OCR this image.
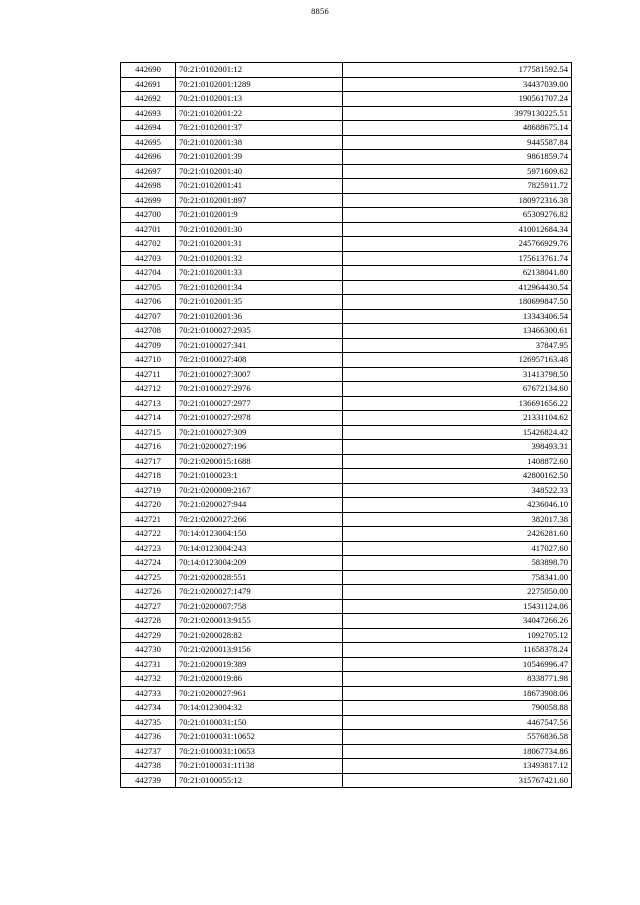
8856
442690	70:21:0102001:12	177581592.54
442691	70:21:0102001:1289	34437039.00
442692	70:21:0102001:13	190561707.24
442693	70:21:0102001:22	3979130225.51
442694	70:21:0102001:37	48688675.14
442695	70:21:0102001:38	9445587.84
442696	70:21:0102001:39	9861859.74
442697	70:21:0102001:40	5971609.62
442698	70:21:0102001:41	7825911.72
442699	70:21:0102001:897	180972316.38
442700	70:21:0102001:9	65309276.82
442701	70:21:0102001:30	410012684.34
442702	70:21:0102001:31	245766929.76
442703	70:21:0102001:32	175613761.74
442704	70:21:0102001:33	62138041.80
442705	70:21:0102001:34	412964430.54
442706	70:21:0102001:35	180699847.50
442707	70:21:0102001:36	13343406.54
442708	70:21:0100027:2935	13466300.61
442709	70:21:0100027:341	37847.95
442710	70:21:0100027:408	126957163.48
442711	70:21:0100027:3007	31413798.50
442712	70:21:0100027:2976	67672134.60
442713	70:21:0100027:2977	136691656.22
442714	70:21:0100027:2978	21331104.62
442715	70:21:0100027:309	15426824.42
442716	70:21:0200027:196	398493.31
442717	70:21:0200015:1688	1408872.60
442718	70:21:0100023:1	42800162.50
442719	70:21:0200009:2167	348522.33
442720	70:21:0200027:944	4236046.10
442721	70:21:0200027:266	382017.38
442722	70:14:0123004:150	2426281.60
442723	70:14:0123004:243	417027.60
442724	70:14:0123004:209	583898.70
442725	70:21:0200028:551	758341.00
442726	70:21:0200027:1479	2275050.00
442727	70:21:0200007:758	15431124.06
442728	70:21:0200013:9155	34047266.26
442729	70:21:0200028:82	1092705.12
442730	70:21:0200013:9156	11658378.24
442731	70:21:0200019:389	10546996.47
442732	70:21:0200019:86	8338771.98
442733	70:21:0200027:961	18673908.06
442734	70:14:0123004:32	790058.88
442735	70:21:0100031:150	4467547.56
442736	70:21:0100031:10652	5576836.58
442737	70:21:0100031:10653	18067734.86
442738	70:21:0100031:11138	13493817.12
442739	70:21:0100055:12	315767421.60
